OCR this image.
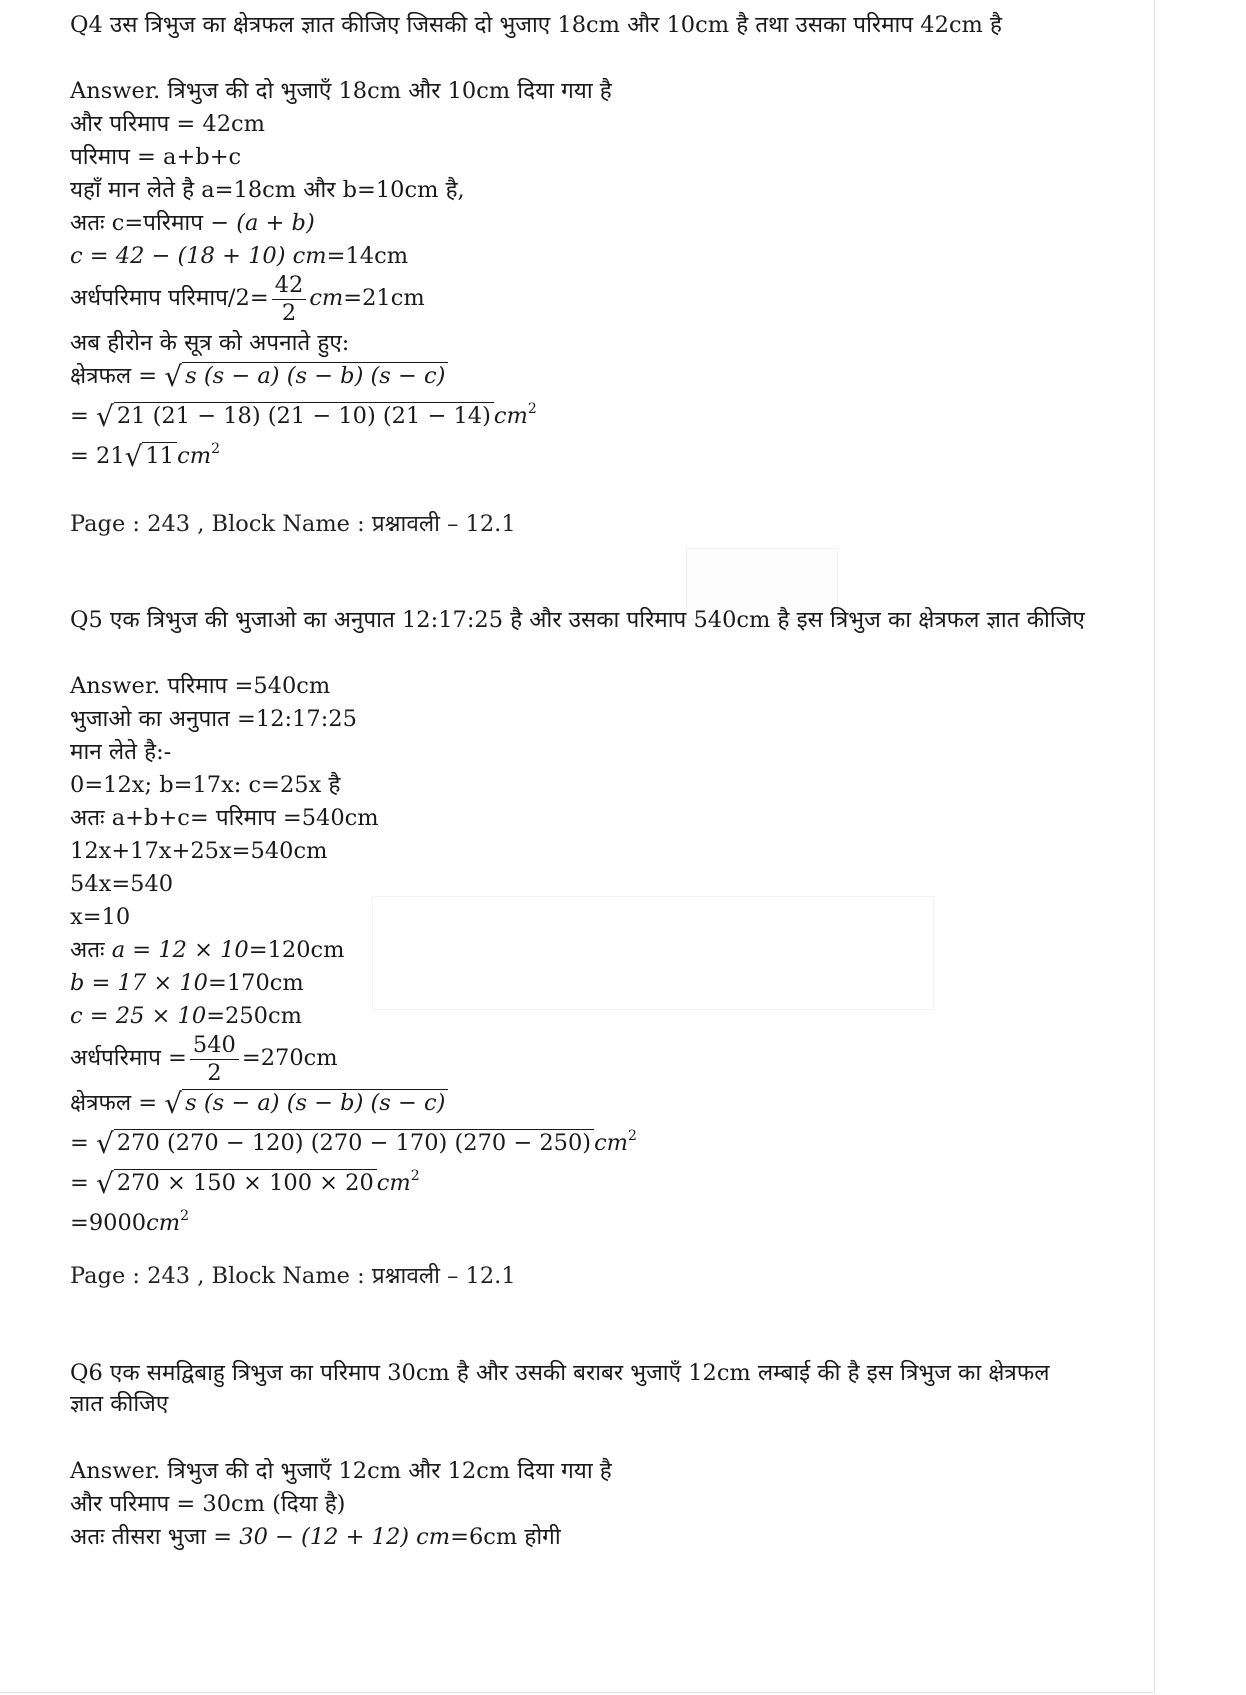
Q4 उस त्रिभुज का क्षेत्रफल ज्ञात कीजिए जिसकी दो भुजाए 18cm और 10cm है तथा उसका परिमाप 42cm है
Answer. त्रिभुज की दो भुजाएँ 18cm और 10cm दिया गया है
और परिमाप = 42cm
परिमाप = a+b+c
यहाँ मान लेते है a=18cm और b=10cm है,
अतः c=परिमाप − (a + b)
c = 42 − (18 + 10) cm=14cm
अर्धपरिमाप परिमाप/2= $\frac{42}{2} cm=21cm$
अब हीरोन के सूत्र को अपनाते हुए:
क्षेत्रफल = √ s (s − a) (s − b) (s − c)
= √ 21 (21 − 18) (21 − 10) (21 − 14) $cm^2$
= 21√ 11 $cm^2$
Page : 243 , Block Name : प्रश्नावली – 12.1
Q5 एक त्रिभुज की भुजाओ का अनुपात 12:17:25 है और उसका परिमाप 540cm है इस त्रिभुज का क्षेत्रफल ज्ञात कीजिए
Answer. परिमाप =540cm
भुजाओ का अनुपात =12:17:25
मान लेते है:-
0=12x; b=17x: c=25x है
अतः a+b+c= परिमाप =540cm
12x+17x+25x=540cm
54x=540
x=10
अतः a = 12 × 10=120cm
b = 17 × 10=170cm
c = 25 × 10=250cm
अर्धपरिमाप = $\frac{540}{2} =270cm$
क्षेत्रफल = √ s (s − a) (s − b) (s − c)
= √ 270 (270 − 120) (270 − 170) (270 − 250) $cm^2$
= √ 270 × 150 × 100 × 20 $cm^2$
$=9000cm^2$
Page : 243 , Block Name : प्रश्नावली – 12.1
Q6 एक समद्विबाहु त्रिभुज का परिमाप 30cm है और उसकी बराबर भुजाएँ 12cm लम्बाई की है इस त्रिभुज का क्षेत्रफल ज्ञात कीजिए
Answer. त्रिभुज की दो भुजाएँ 12cm और 12cm दिया गया है
और परिमाप = 30cm (दिया है)
अतः तीसरा भुजा = 30 − (12 + 12) cm=6cm होगी
